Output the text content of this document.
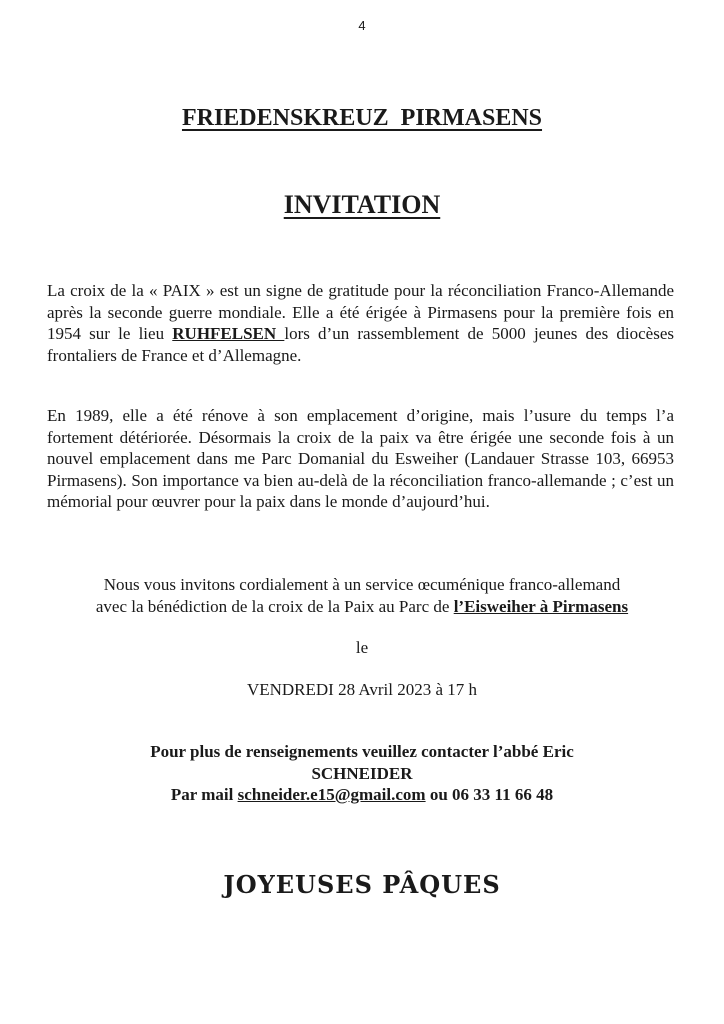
4
FRIEDENSKREUZ  PIRMASENS
INVITATION

La croix de la « PAIX » est un signe de gratitude pour la réconciliation Franco-Allemande après la seconde guerre mondiale. Elle a été érigée à Pirmasens pour la première fois en 1954 sur le lieu RUHFELSEN lors d’un rassemblement de 5000 jeunes des diocèses frontaliers de France et d’Allemagne.

En 1989, elle a été rénove à son emplacement d’origine, mais l’usure du temps l’a fortement détériorée. Désormais la croix de la paix va être érigée une seconde fois à un nouvel emplacement dans me Parc Domanial du Esweiher (Landauer Strasse 103, 66953 Pirmasens). Son importance va bien au-delà de la réconciliation franco-allemande ; c’est un mémorial pour œuvrer pour la paix dans le monde d’aujourd’hui.

Nous vous invitons cordialement à un service œcuménique franco-allemand
avec la bénédiction de la croix de la Paix au Parc de l’Eisweiher à Pirmasens

le

VENDREDI 28 Avril 2023 à 17 h

Pour plus de renseignements veuillez contacter l’abbé Eric
SCHNEIDER
Par mail schneider.e15@gmail.com ou 06 33 11 66 48

JOYEUSES PÂQUES
